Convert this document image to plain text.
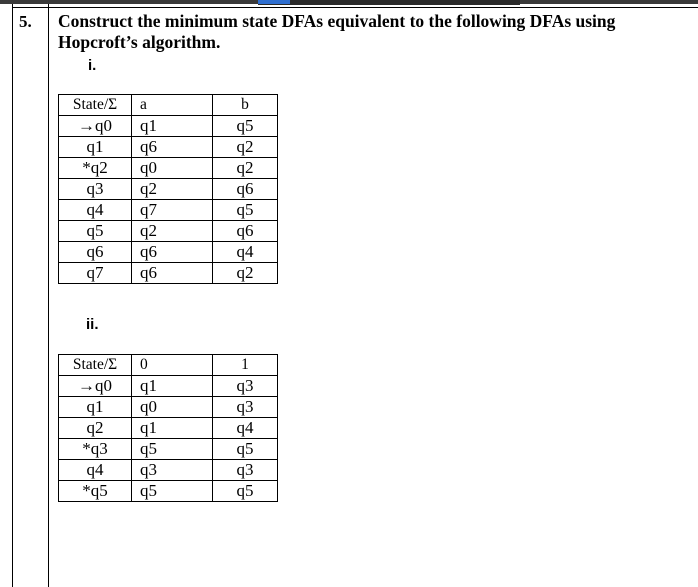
5. Construct the minimum state DFAs equivalent to the following DFAs using Hopcroft’s algorithm.
i.
State/Σ	a	b
→q0	q1	q5
q1	q6	q2
*q2	q0	q2
q3	q2	q6
q4	q7	q5
q5	q2	q6
q6	q6	q4
q7	q6	q2
ii.
State/Σ	0	1
→q0	q1	q3
q1	q0	q3
q2	q1	q4
*q3	q5	q5
q4	q3	q3
*q5	q5	q5
